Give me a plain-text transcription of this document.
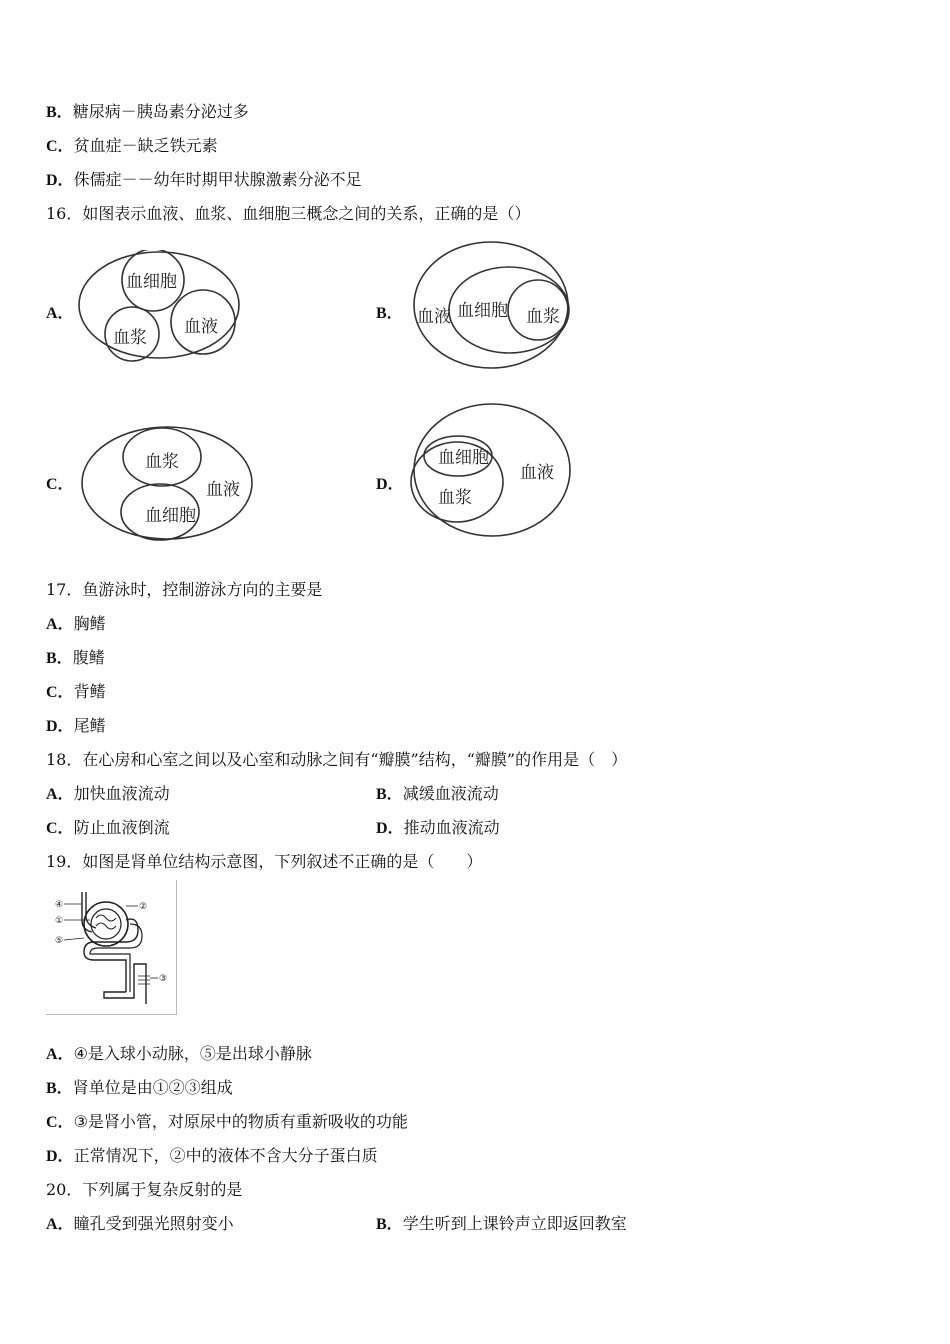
B．糖尿病－胰岛素分泌过多
C．贫血症－缺乏铁元素
D．侏儒症－－幼年时期甲状腺激素分泌不足
16．如图表示血液、血浆、血细胞三概念之间的关系，正确的是（）
A．
血细胞
血浆
血液
B． 血液 血细胞 血浆
C．
血浆
血液
血细胞
D．
血细胞
血液
血浆
17．鱼游泳时，控制游泳方向的主要是
A．胸鳍
B．腹鳍
C．背鳍
D．尾鳍
18．在心房和心室之间以及心室和动脉之间有“瓣膜”结构，“瓣膜”的作用是（　）
A．加快血液流动	B．减缓血液流动
C．防止血液倒流	D．推动血液流动
19．如图是肾单位结构示意图，下列叙述不正确的是（　　）
④
①
⑤
②
③
A．④是入球小动脉，⑤是出球小静脉
B．肾单位是由①②③组成
C．③是肾小管，对原尿中的物质有重新吸收的功能
D．正常情况下，②中的液体不含大分子蛋白质
20．下列属于复杂反射的是
A．瞳孔受到强光照射变小	B．学生听到上课铃声立即返回教室
